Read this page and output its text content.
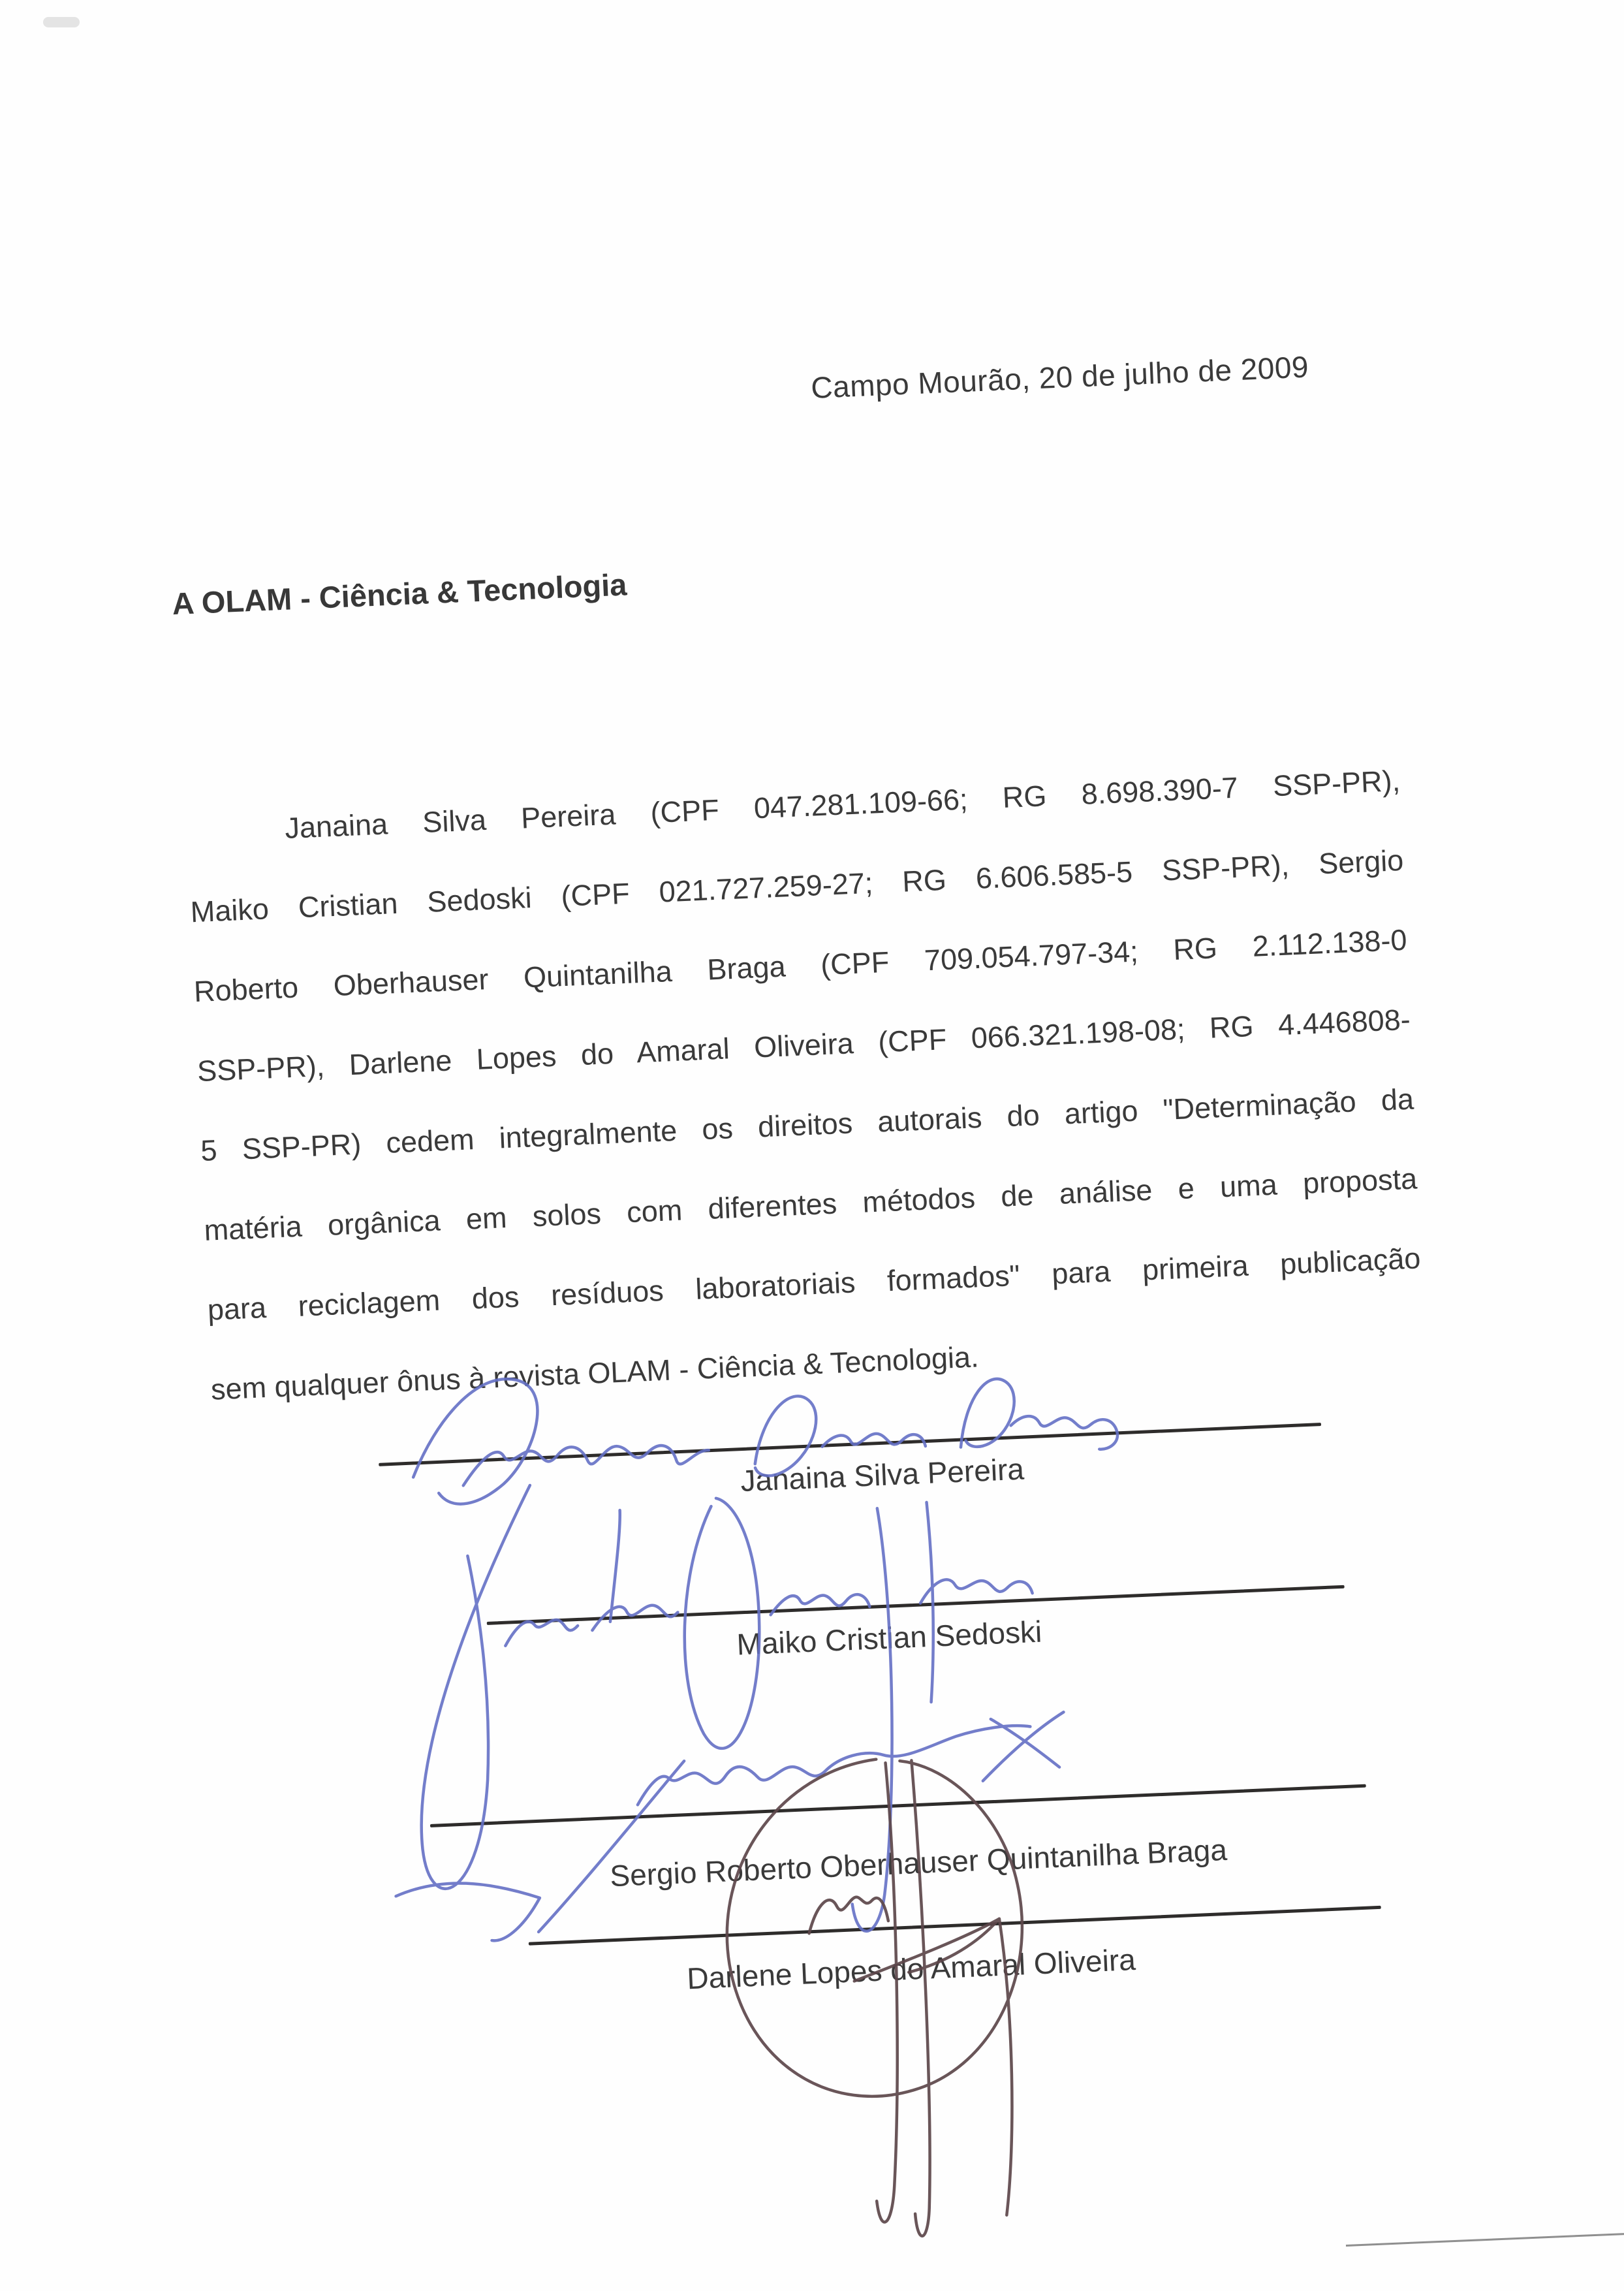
Campo Mourão, 20 de julho de 2009
A OLAM - Ciência & Tecnologia
Janaina Silva Pereira (CPF 047.281.109-66; RG 8.698.390-7 SSP-PR),
Maiko Cristian Sedoski (CPF 021.727.259-27; RG 6.606.585-5 SSP-PR), Sergio
Roberto Oberhauser Quintanilha Braga (CPF 709.054.797-34; RG 2.112.138-0
SSP-PR), Darlene Lopes do Amaral Oliveira (CPF 066.321.198-08; RG 4.446808-
5 SSP-PR) cedem integralmente os direitos autorais do artigo "Determinação da
matéria orgânica em solos com diferentes métodos de análise e uma proposta
para reciclagem dos resíduos laboratoriais formados" para primeira publicação
sem qualquer ônus à revista OLAM - Ciência & Tecnologia.
Janaina Silva Pereira
Maiko Cristian Sedoski
Sergio Roberto Oberhauser Quintanilha Braga
Darlene Lopes do Amaral Oliveira
